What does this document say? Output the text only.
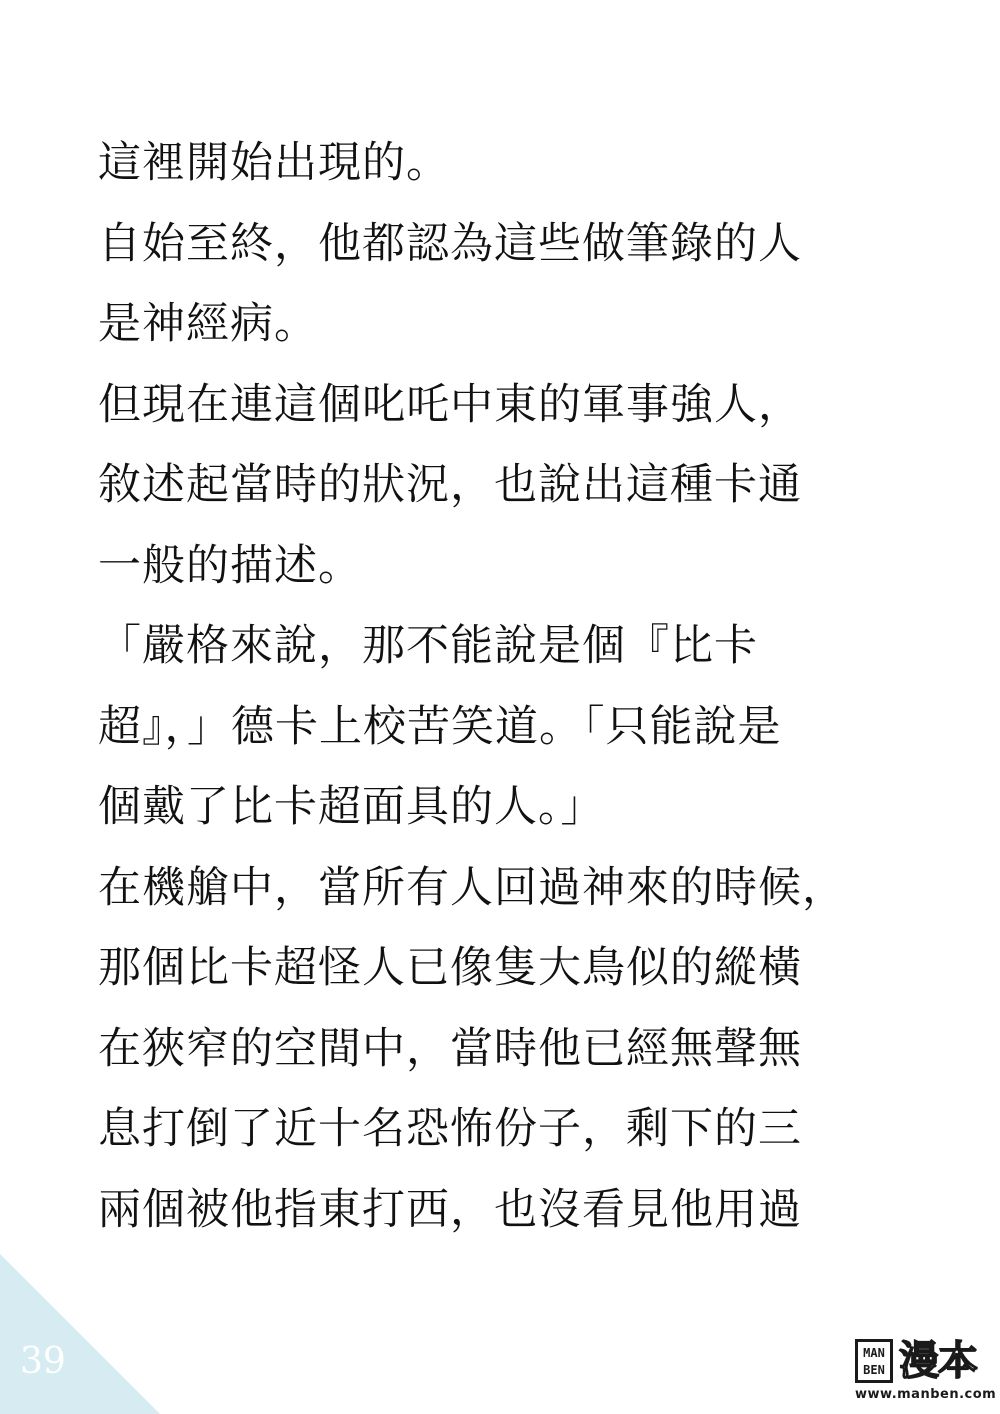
這裡開始出現的。
自始至終，他都認為這些做筆錄的人
是神經病。
但現在連這個叱吒中東的軍事強人，
敘述起當時的狀況，也說出這種卡通
一般的描述。
「嚴格來說，那不能說是個『比卡
超』，」德卡上校苦笑道。「只能說是
個戴了比卡超面具的人。」
在機艙中，當所有人回過神來的時候，
那個比卡超怪人已像隻大鳥似的縱橫
在狹窄的空間中，當時他已經無聲無
息打倒了近十名恐怖份子，剩下的三
兩個被他指東打西，也沒看見他用過
39	MAN BEN 漫本
www.manben.com
